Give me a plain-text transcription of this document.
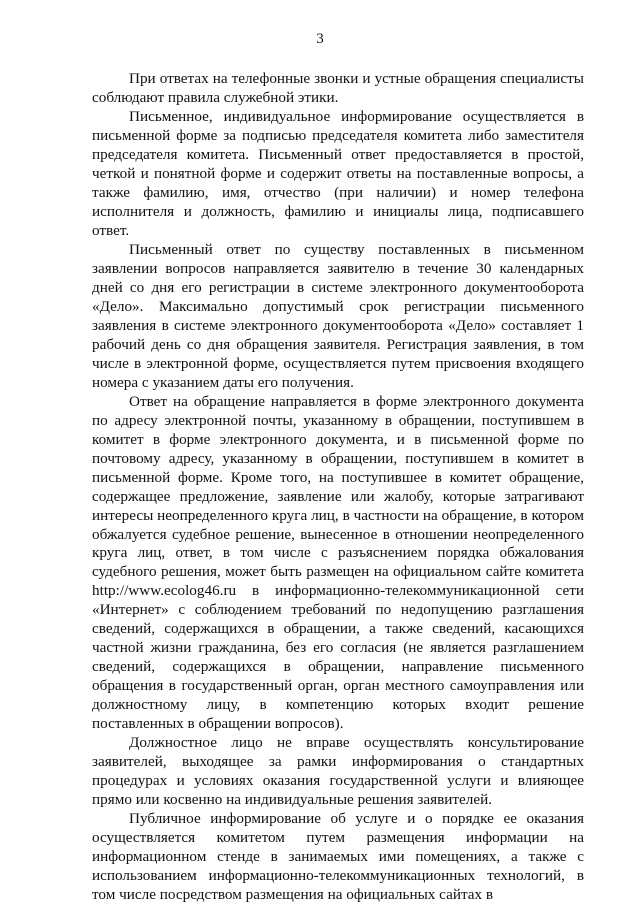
3

При ответах на телефонные звонки и устные обращения специалисты соблюдают правила служебной этики.

Письменное, индивидуальное информирование осуществляется в письменной форме за подписью председателя комитета либо заместителя председателя комитета. Письменный ответ предоставляется в простой, четкой и понятной форме и содержит ответы на поставленные вопросы, а также фамилию, имя, отчество (при наличии) и номер телефона исполнителя и должность, фамилию и инициалы лица, подписавшего ответ.

Письменный ответ по существу поставленных в письменном заявлении вопросов направляется заявителю в течение 30 календарных дней со дня его регистрации в системе электронного документооборота «Дело». Максимально допустимый срок регистрации письменного заявления в системе электронного документооборота «Дело» составляет 1 рабочий день со дня обращения заявителя. Регистрация заявления, в том числе в электронной форме, осуществляется путем присвоения входящего номера с указанием даты его получения.

Ответ на обращение направляется в форме электронного документа по адресу электронной почты, указанному в обращении, поступившем в комитет в форме электронного документа, и в письменной форме по почтовому адресу, указанному в обращении, поступившем в комитет в письменной форме. Кроме того, на поступившее в комитет обращение, содержащее предложение, заявление или жалобу, которые затрагивают интересы неопределенного круга лиц, в частности на обращение, в котором обжалуется судебное решение, вынесенное в отношении неопределенного круга лиц, ответ, в том числе с разъяснением порядка обжалования судебного решения, может быть размещен на официальном сайте комитета http://www.ecolog46.ru в информационно-телекоммуникационной сети «Интернет» с соблюдением требований по недопущению разглашения сведений, содержащихся в обращении, а также сведений, касающихся частной жизни гражданина, без его согласия (не является разглашением сведений, содержащихся в обращении, направление письменного обращения в государственный орган, орган местного самоуправления или должностному лицу, в компетенцию которых входит решение поставленных в обращении вопросов).

Должностное лицо не вправе осуществлять консультирование заявителей, выходящее за рамки информирования о стандартных процедурах и условиях оказания государственной услуги и влияющее прямо или косвенно на индивидуальные решения заявителей.

Публичное информирование об услуге и о порядке ее оказания осуществляется комитетом путем размещения информации на информационном стенде в занимаемых ими помещениях, а также с использованием информационно-телекоммуникационных технологий, в том числе посредством размещения на официальных сайтах в
